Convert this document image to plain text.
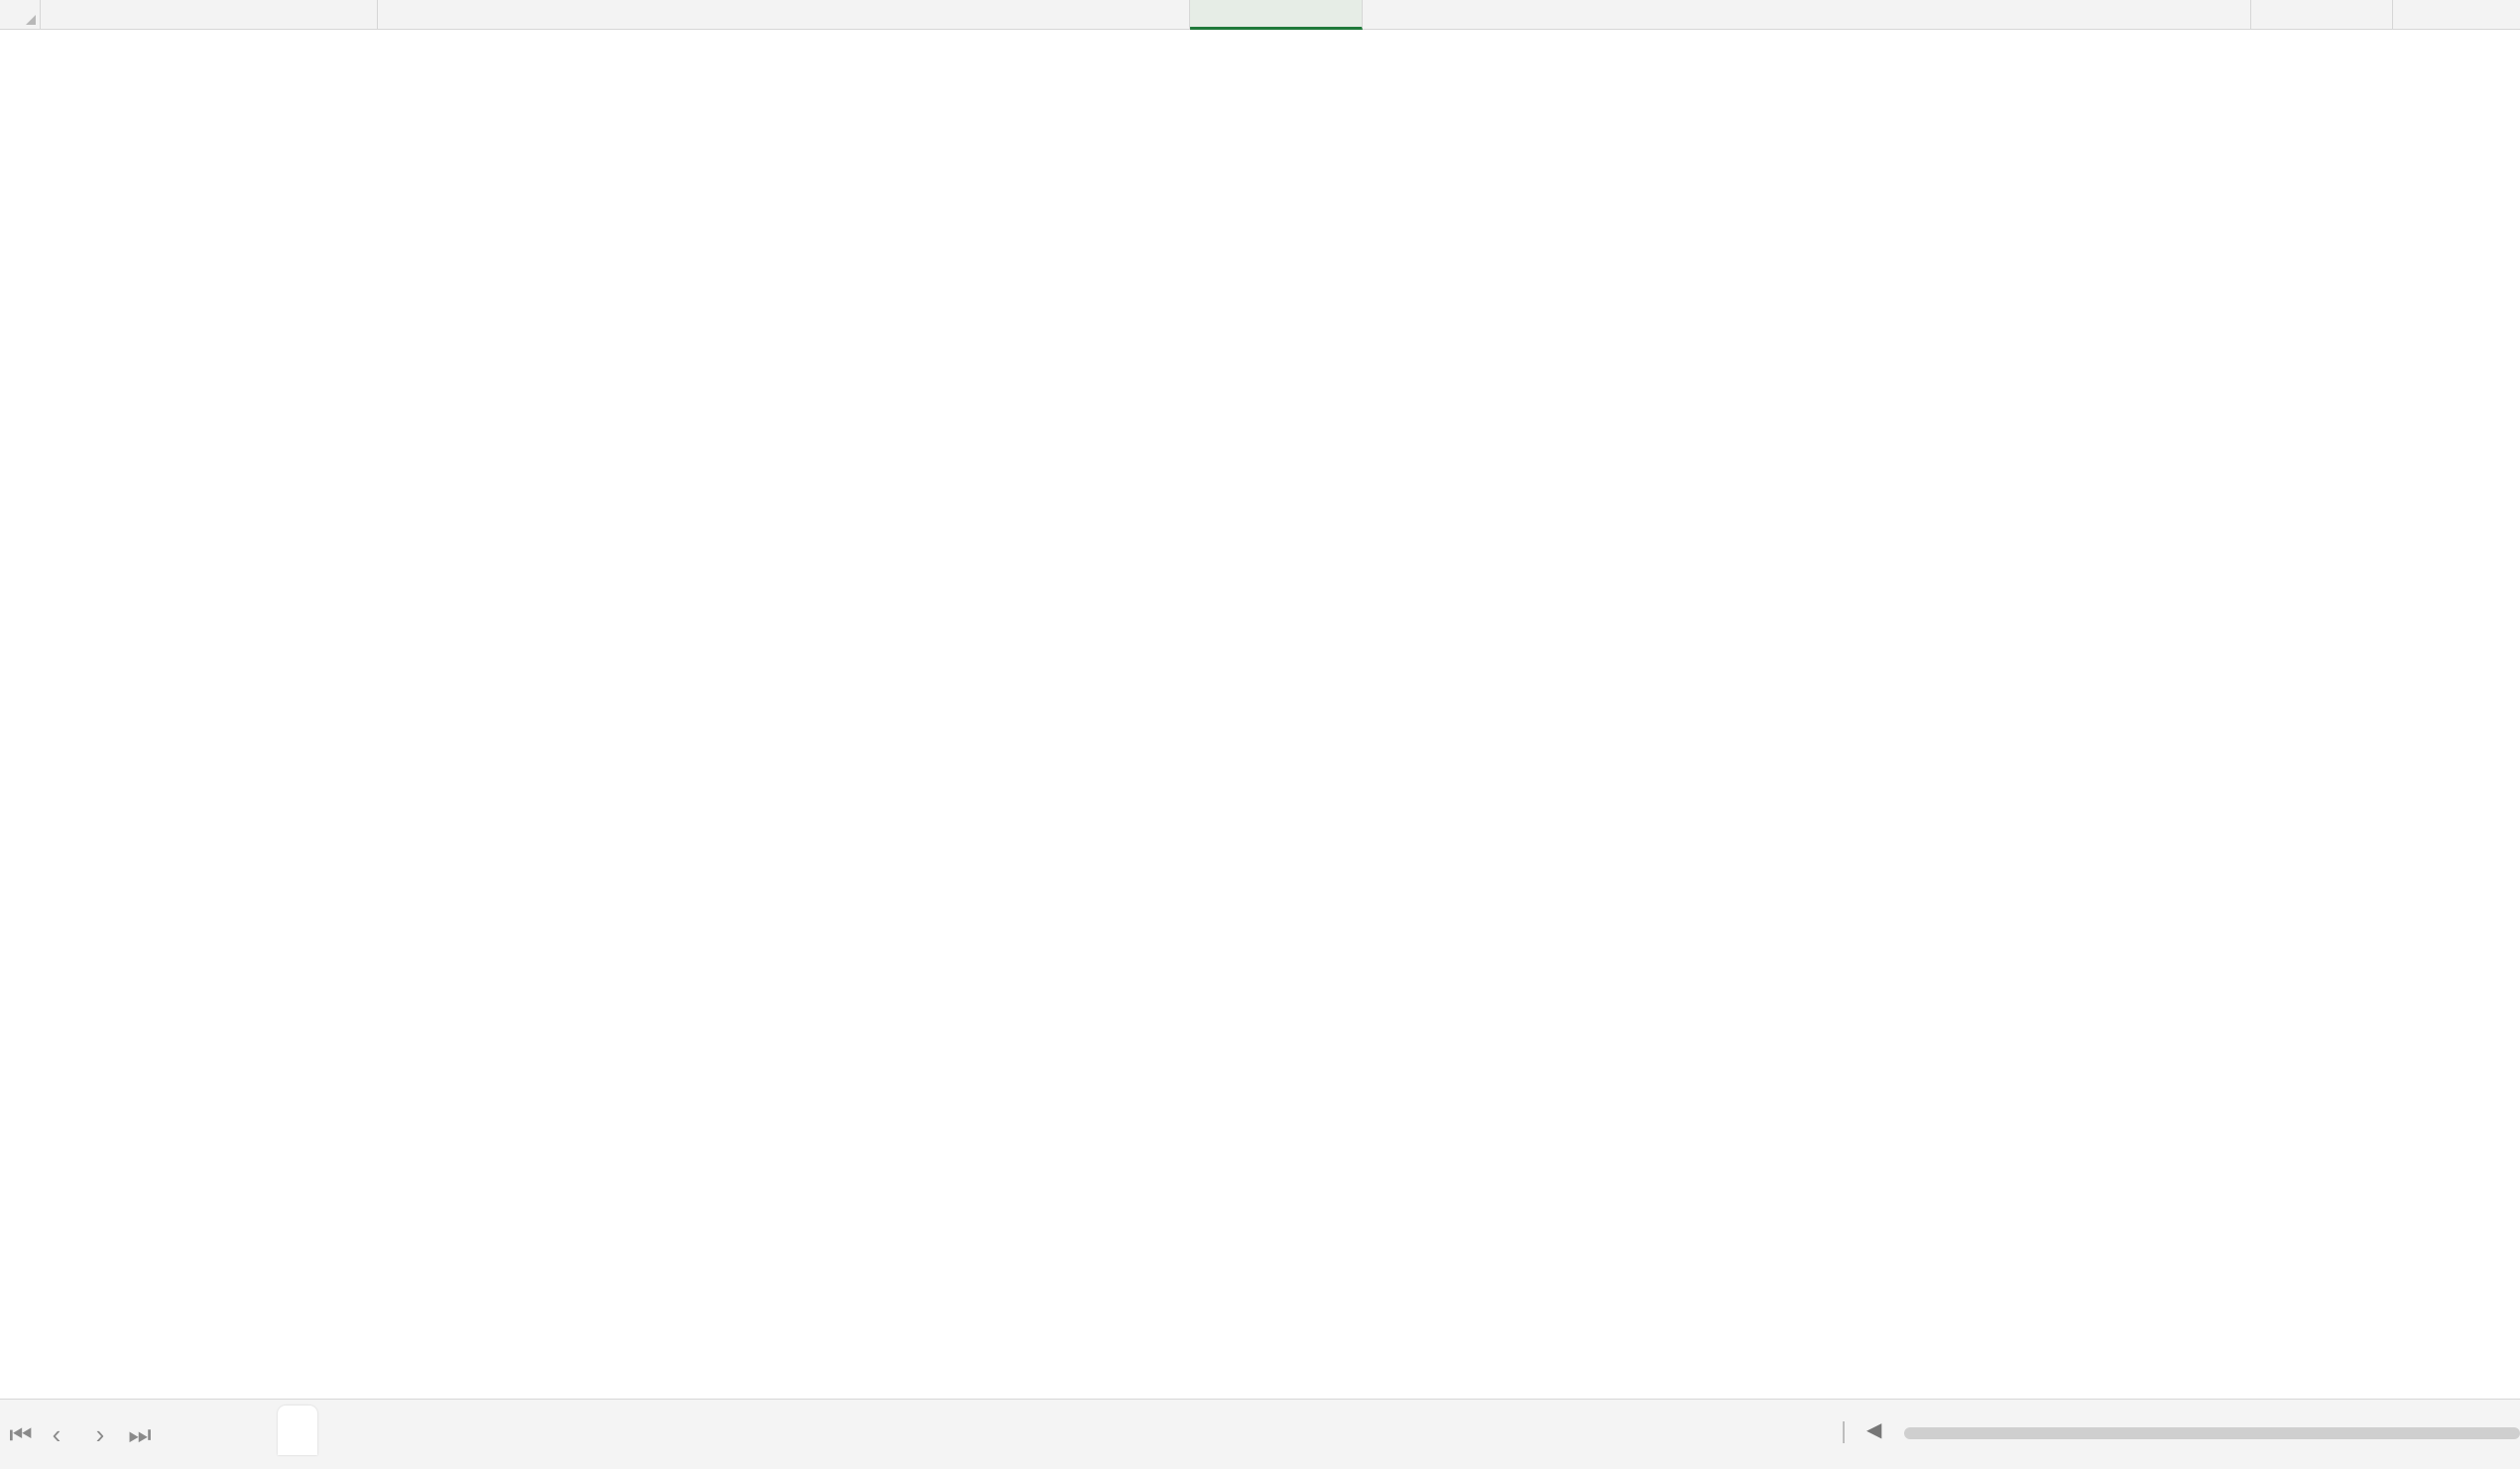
⏮ ‹	› ⏭	◀
